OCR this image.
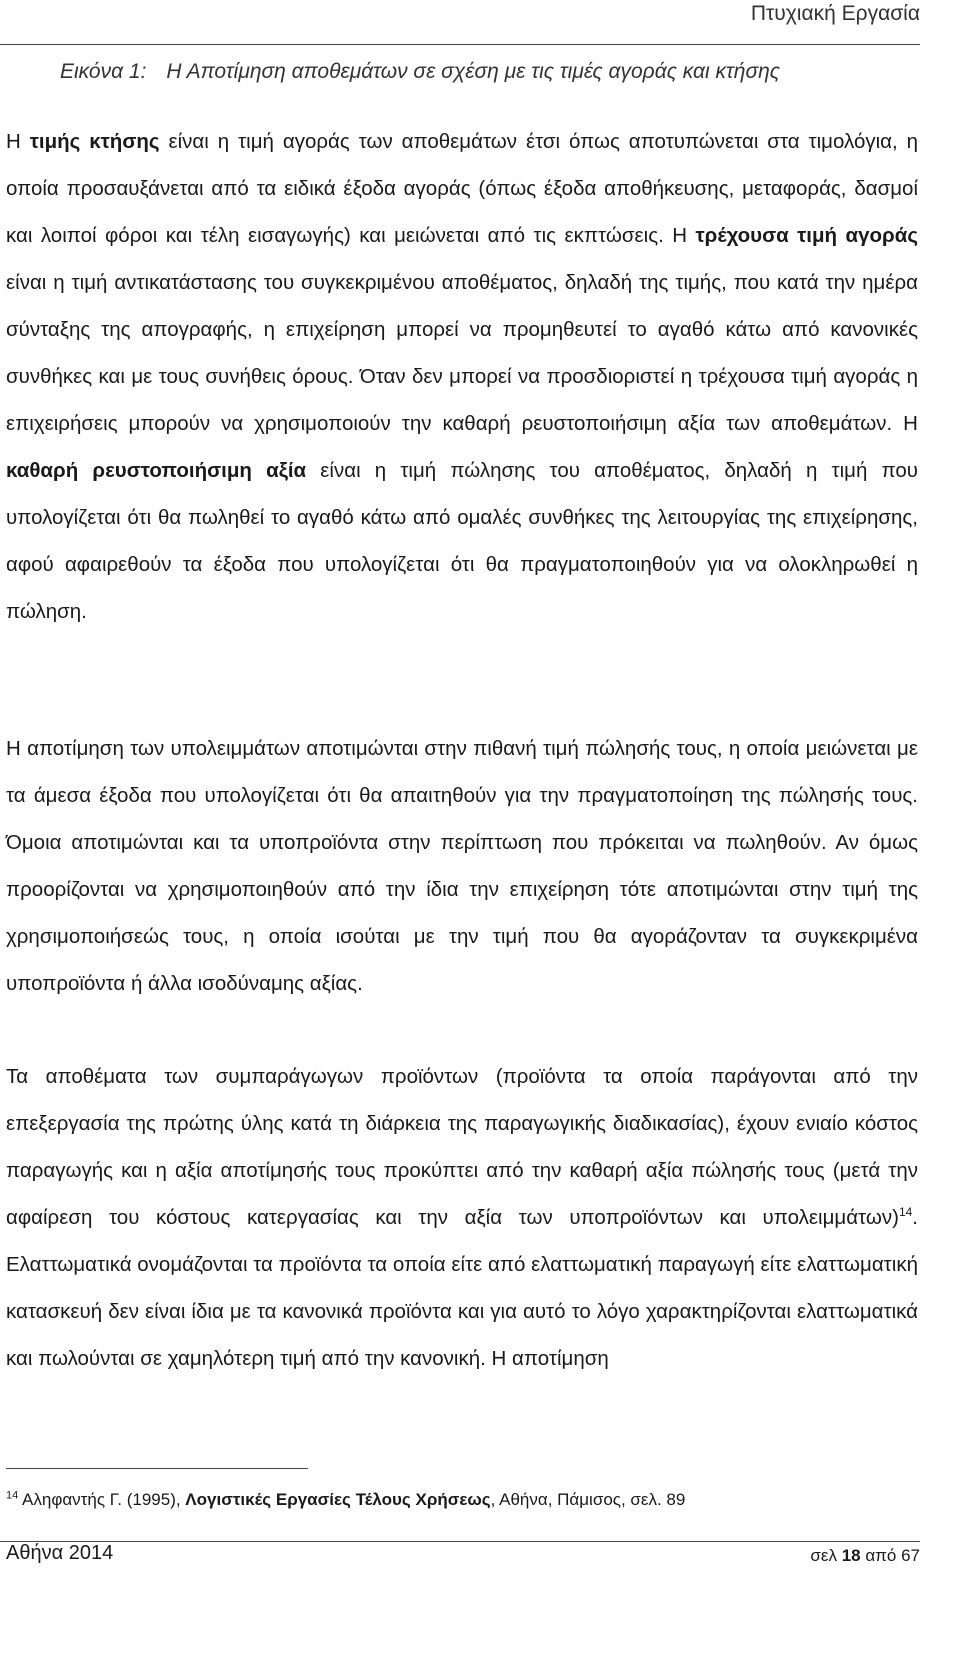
Πτυχιακή Εργασία
Εικόνα 1: Η Αποτίμηση αποθεμάτων σε σχέση με τις τιμές αγοράς και κτήσης

Η τιμής κτήσης είναι η τιμή αγοράς των αποθεμάτων έτσι όπως αποτυπώνεται στα τιμολόγια, η οποία προσαυξάνεται από τα ειδικά έξοδα αγοράς (όπως έξοδα αποθήκευσης, μεταφοράς, δασμοί και λοιποί φόροι και τέλη εισαγωγής) και μειώνεται από τις εκπτώσεις. Η τρέχουσα τιμή αγοράς είναι η τιμή αντικατάστασης του συγκεκριμένου αποθέματος, δηλαδή της τιμής, που κατά την ημέρα σύνταξης της απογραφής, η επιχείρηση μπορεί να προμηθευτεί το αγαθό κάτω από κανονικές συνθήκες και με τους συνήθεις όρους. Όταν δεν μπορεί να προσδιοριστεί η τρέχουσα τιμή αγοράς η επιχειρήσεις μπορούν να χρησιμοποιούν την καθαρή ρευστοποιήσιμη αξία των αποθεμάτων. Η καθαρή ρευστοποιήσιμη αξία είναι η τιμή πώλησης του αποθέματος, δηλαδή η τιμή που υπολογίζεται ότι θα πωληθεί το αγαθό κάτω από ομαλές συνθήκες της λειτουργίας της επιχείρησης, αφού αφαιρεθούν τα έξοδα που υπολογίζεται ότι θα πραγματοποιηθούν για να ολοκληρωθεί η πώληση.

Η αποτίμηση των υπολειμμάτων αποτιμώνται στην πιθανή τιμή πώλησής τους, η οποία μειώνεται με τα άμεσα έξοδα που υπολογίζεται ότι θα απαιτηθούν για την πραγματοποίηση της πώλησής τους. Όμοια αποτιμώνται και τα υποπροϊόντα στην περίπτωση που πρόκειται να πωληθούν. Αν όμως προορίζονται να χρησιμοποιηθούν από την ίδια την επιχείρηση τότε αποτιμώνται στην τιμή της χρησιμοποιήσεώς τους, η οποία ισούται με την τιμή που θα αγοράζονταν τα συγκεκριμένα υποπροϊόντα ή άλλα ισοδύναμης αξίας.

Τα αποθέματα των συμπαράγωγων προϊόντων (προϊόντα τα οποία παράγονται από την επεξεργασία της πρώτης ύλης κατά τη διάρκεια της παραγωγικής διαδικασίας), έχουν ενιαίο κόστος παραγωγής και η αξία αποτίμησής τους προκύπτει από την καθαρή αξία πώλησής τους (μετά την αφαίρεση του κόστους κατεργασίας και την αξία των υποπροϊόντων και υπολειμμάτων)$^{14}$. Ελαττωματικά ονομάζονται τα προϊόντα τα οποία είτε από ελαττωματική παραγωγή είτε ελαττωματική κατασκευή δεν είναι ίδια με τα κανονικά προϊόντα και για αυτό το λόγο χαρακτηρίζονται ελαττωματικά και πωλούνται σε χαμηλότερη τιμή από την κανονική. Η αποτίμηση

$^{14}$ Αληφαντής Γ. (1995), Λογιστικές Εργασίες Τέλους Χρήσεως, Αθήνα, Πάμισος, σελ. 89
Αθήνα 2014	σελ 18 από 67
